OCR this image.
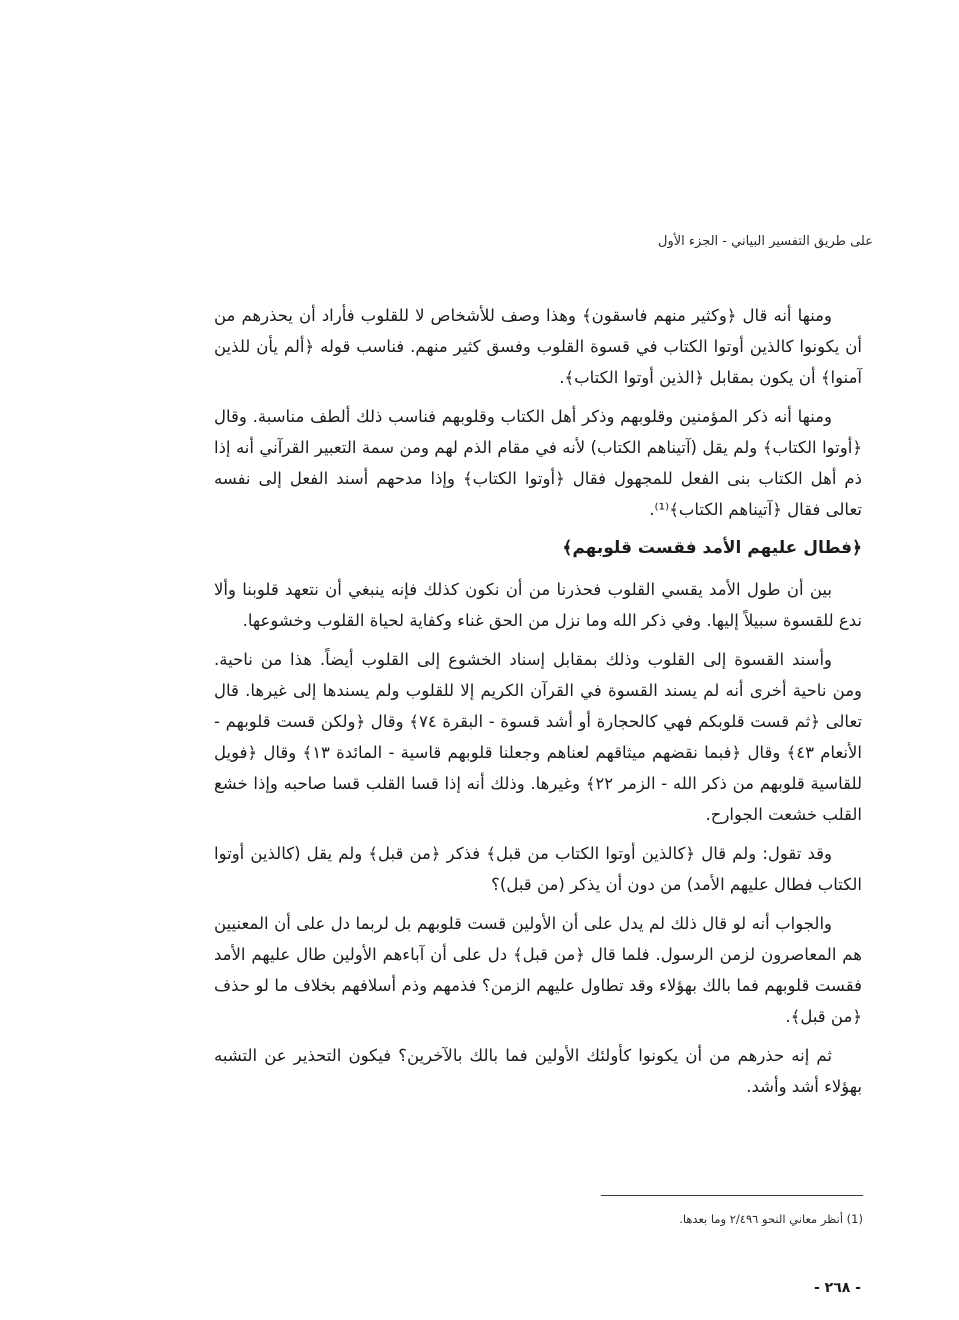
على طريق التفسير البياني - الجزء الأول

ومنها أنه قال ﴿وكثير منهم فاسقون﴾ وهذا وصف للأشخاص لا للقلوب فأراد أن يحذرهم من أن يكونوا كالذين أوتوا الكتاب في قسوة القلوب وفسق كثير منهم. فناسب قوله ﴿ألم يأن للذين آمنوا﴾ أن يكون بمقابل ﴿الذين أوتوا الكتاب﴾.

ومنها أنه ذكر المؤمنين وقلوبهم وذكر أهل الكتاب وقلوبهم فناسب ذلك ألطف مناسبة. وقال ﴿أوتوا الكتاب﴾ ولم يقل (آتيناهم الكتاب) لأنه في مقام الذم لهم ومن سمة التعبير القرآني أنه إذا ذم أهل الكتاب بنى الفعل للمجهول فقال ﴿أوتوا الكتاب﴾ وإذا مدحهم أسند الفعل إلى نفسه تعالى فقال ﴿آتيناهم الكتاب﴾⁽¹⁾.

﴿فطال عليهم الأمد فقست قلوبهم﴾

بين أن طول الأمد يقسي القلوب فحذرنا من أن نكون كذلك فإنه ينبغي أن نتعهد قلوبنا وألا ندع للقسوة سبيلاً إليها. وفي ذكر الله وما نزل من الحق غناء وكفاية لحياة القلوب وخشوعها.

وأسند القسوة إلى القلوب وذلك بمقابل إسناد الخشوع إلى القلوب أيضاً. هذا من ناحية. ومن ناحية أخرى أنه لم يسند القسوة في القرآن الكريم إلا للقلوب ولم يسندها إلى غيرها. قال تعالى ﴿ثم قست قلوبكم فهي كالحجارة أو أشد قسوة - البقرة ٧٤﴾ وقال ﴿ولكن قست قلوبهم - الأنعام ٤٣﴾ وقال ﴿فبما نقضهم ميثاقهم لعناهم وجعلنا قلوبهم قاسية - المائدة ١٣﴾ وقال ﴿فويل للقاسية قلوبهم من ذكر الله - الزمر ٢٢﴾ وغيرها. وذلك أنه إذا قسا القلب قسا صاحبه وإذا خشع القلب خشعت الجوارح.

وقد تقول: ولم قال ﴿كالذين أوتوا الكتاب من قبل﴾ فذكر ﴿من قبل﴾ ولم يقل (كالذين أوتوا الكتاب فطال عليهم الأمد) من دون أن يذكر (من قبل)؟

والجواب أنه لو قال ذلك لم يدل على أن الأولين قست قلوبهم بل لربما دل على أن المعنيين هم المعاصرون لزمن الرسول. فلما قال ﴿من قبل﴾ دل على أن آباءهم الأولين طال عليهم الأمد فقست قلوبهم فما بالك بهؤلاء وقد تطاول عليهم الزمن؟ فذمهم وذم أسلافهم بخلاف ما لو حذف ﴿من قبل﴾.

ثم إنه حذرهم من أن يكونوا كأولئك الأولين فما بالك بالآخرين؟ فيكون التحذير عن التشبه بهؤلاء أشد وأشد.

(1) أنظر معاني النحو ٢/٤٩٦ وما بعدها.
- ٢٦٨ -
